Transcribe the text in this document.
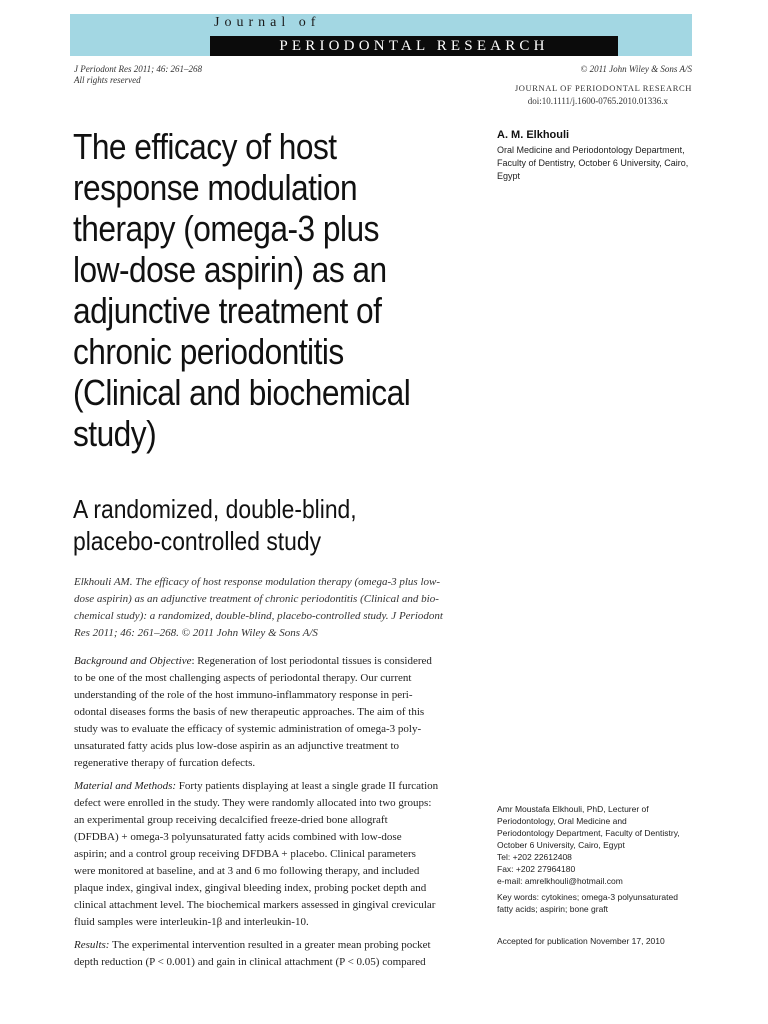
Journal of
PERIODONTAL RESEARCH
J Periodont Res 2011; 46: 261–268
All rights reserved
© 2011 John Wiley & Sons A/S
JOURNAL OF PERIODONTAL RESEARCH
doi:10.1111/j.1600-0765.2010.01336.x
The efficacy of host
response modulation
therapy (omega-3 plus
low-dose aspirin) as an
adjunctive treatment of
chronic periodontitis
(Clinical and biochemical
study)
A randomized, double-blind,
placebo-controlled study
A. M. Elkhouli
Oral Medicine and Periodontology Department,
Faculty of Dentistry, October 6 University, Cairo,
Egypt
Elkhouli AM. The efficacy of host response modulation therapy (omega-3 plus low-
dose aspirin) as an adjunctive treatment of chronic periodontitis (Clinical and bio-
chemical study): a randomized, double-blind, placebo-controlled study. J Periodont
Res 2011; 46: 261–268. © 2011 John Wiley & Sons A/S

Background and Objective: Regeneration of lost periodontal tissues is considered
to be one of the most challenging aspects of periodontal therapy. Our current
understanding of the role of the host immuno-inflammatory response in peri-
odontal diseases forms the basis of new therapeutic approaches. The aim of this
study was to evaluate the efficacy of systemic administration of omega-3 poly-
unsaturated fatty acids plus low-dose aspirin as an adjunctive treatment to
regenerative therapy of furcation defects.

Material and Methods: Forty patients displaying at least a single grade II furcation
defect were enrolled in the study. They were randomly allocated into two groups:
an experimental group receiving decalcified freeze-dried bone allograft
(DFDBA) + omega-3 polyunsaturated fatty acids combined with low-dose
aspirin; and a control group receiving DFDBA + placebo. Clinical parameters
were monitored at baseline, and at 3 and 6 mo following therapy, and included
plaque index, gingival index, gingival bleeding index, probing pocket depth and
clinical attachment level. The biochemical markers assessed in gingival crevicular
fluid samples were interleukin-1β and interleukin-10.

Results: The experimental intervention resulted in a greater mean probing pocket
depth reduction (P < 0.001) and gain in clinical attachment (P < 0.05) compared

Amr Moustafa Elkhouli, PhD, Lecturer of
Periodontology, Oral Medicine and
Periodontology Department, Faculty of Dentistry,
October 6 University, Cairo, Egypt
Tel: +202 22612408
Fax: +202 27964180
e-mail: amrelkhouli@hotmail.com
Key words: cytokines; omega-3 polyunsaturated
fatty acids; aspirin; bone graft
Accepted for publication November 17, 2010
